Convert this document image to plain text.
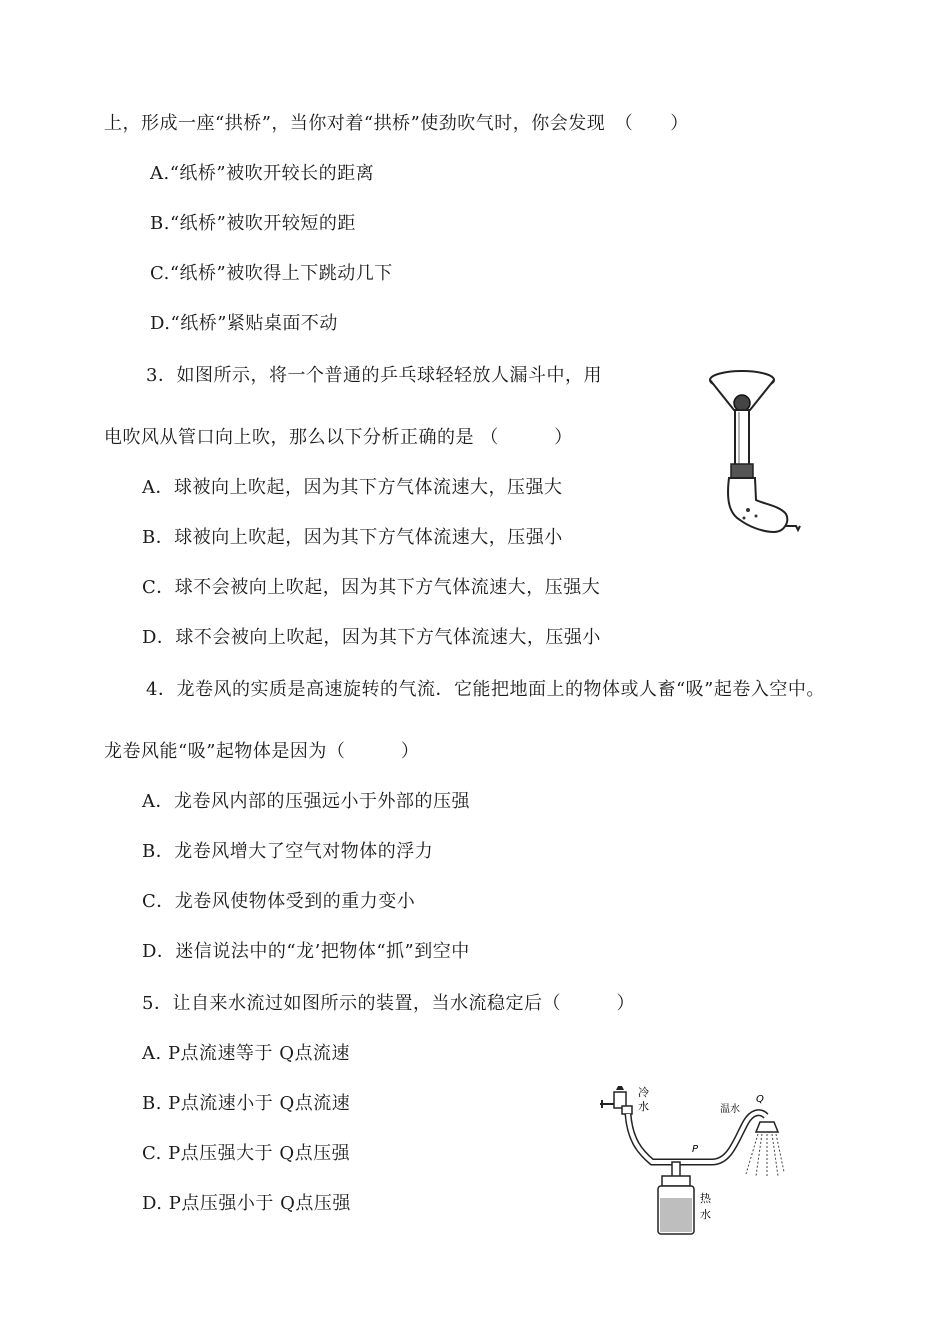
上，形成一座“拱桥”，当你对着“拱桥”使劲吹气时，你会发现　（　　）
A.“纸桥”被吹开较长的距离
B.“纸桥”被吹开较短的距
C.“纸桥”被吹得上下跳动几下
D.“纸桥”紧贴桌面不动
3．如图所示，将一个普通的乒乓球轻轻放人漏斗中，用
电吹风从管口向上吹，那么以下分析正确的是 （　　　）
A．球被向上吹起，因为其下方气体流速大，压强大
B．球被向上吹起，因为其下方气体流速大，压强小
C．球不会被向上吹起，因为其下方气体流速大，压强大
D．球不会被向上吹起，因为其下方气体流速大，压强小
4．龙卷风的实质是高速旋转的气流．它能把地面上的物体或人畜“吸”起卷入空中。
龙卷风能“吸”起物体是因为（　　　）
A．龙卷风内部的压强远小于外部的压强
B．龙卷风增大了空气对物体的浮力
C．龙卷风使物体受到的重力变小
D．迷信说法中的“龙’把物体“抓”到空中
5．让自来水流过如图所示的装置，当水流稳定后（　　　）
A. P点流速等于 Q点流速
B. P点流速小于 Q点流速
C. P点压强大于 Q点压强
D. P点压强小于 Q点压强
冷
水
P
Q
温水
热
水
